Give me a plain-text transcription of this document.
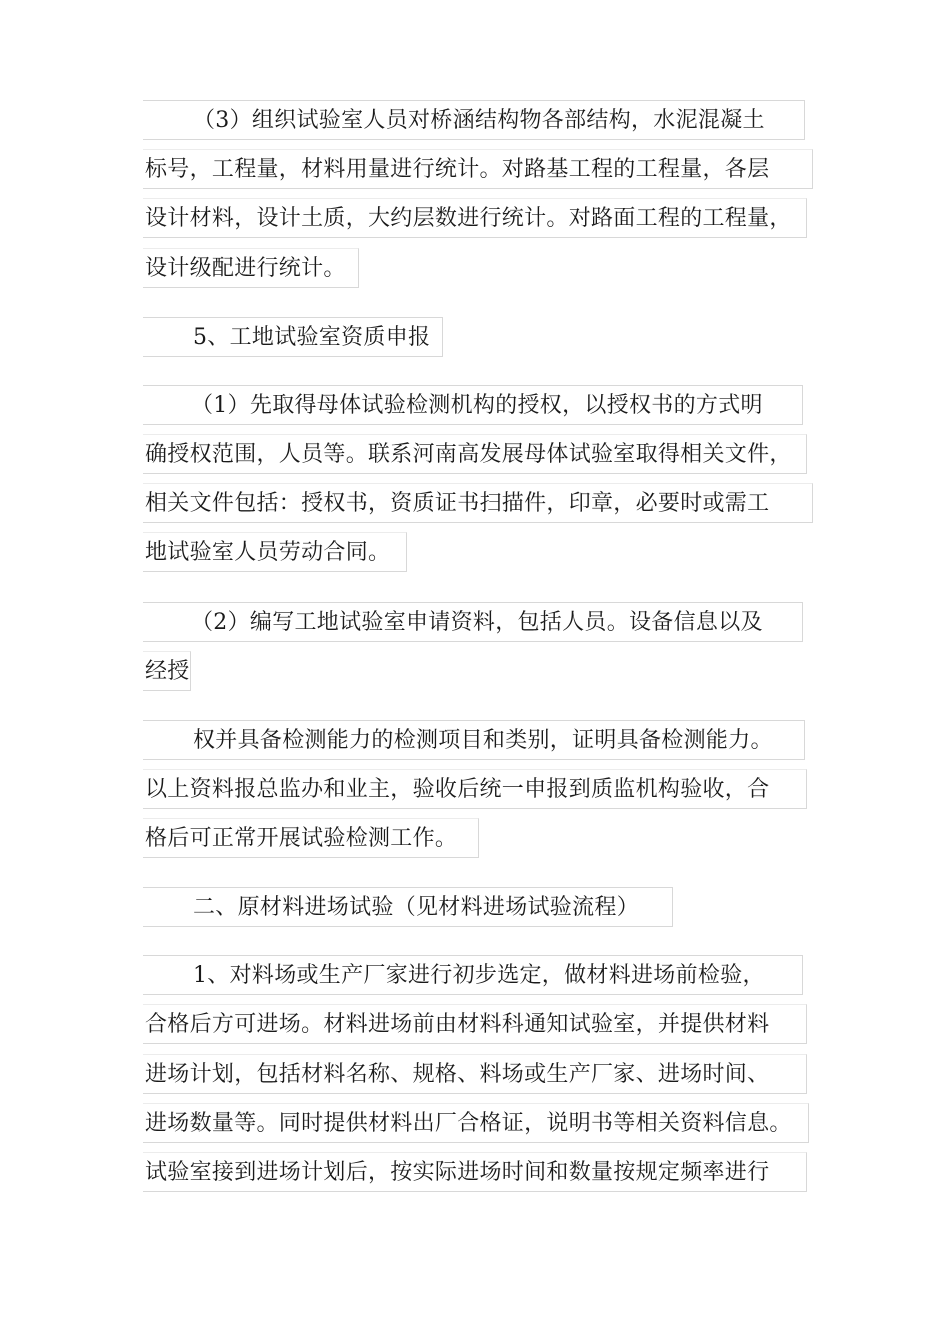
（3）组织试验室人员对桥涵结构物各部结构，水泥混凝土
标号，工程量，材料用量进行统计。对路基工程的工程量，各层
设计材料，设计土质，大约层数进行统计。对路面工程的工程量，
设计级配进行统计。
5、工地试验室资质申报
（1）先取得母体试验检测机构的授权，以授权书的方式明
确授权范围，人员等。联系河南高发展母体试验室取得相关文件，
相关文件包括：授权书，资质证书扫描件，印章，必要时或需工
地试验室人员劳动合同。
（2）编写工地试验室申请资料，包括人员。设备信息以及
经授
权并具备检测能力的检测项目和类别，证明具备检测能力。
以上资料报总监办和业主，验收后统一申报到质监机构验收，合
格后可正常开展试验检测工作。
二、原材料进场试验（见材料进场试验流程）
1、对料场或生产厂家进行初步选定，做材料进场前检验，
合格后方可进场。材料进场前由材料科通知试验室，并提供材料
进场计划，包括材料名称、规格、料场或生产厂家、进场时间、
进场数量等。同时提供材料出厂合格证，说明书等相关资料信息。
试验室接到进场计划后，按实际进场时间和数量按规定频率进行
